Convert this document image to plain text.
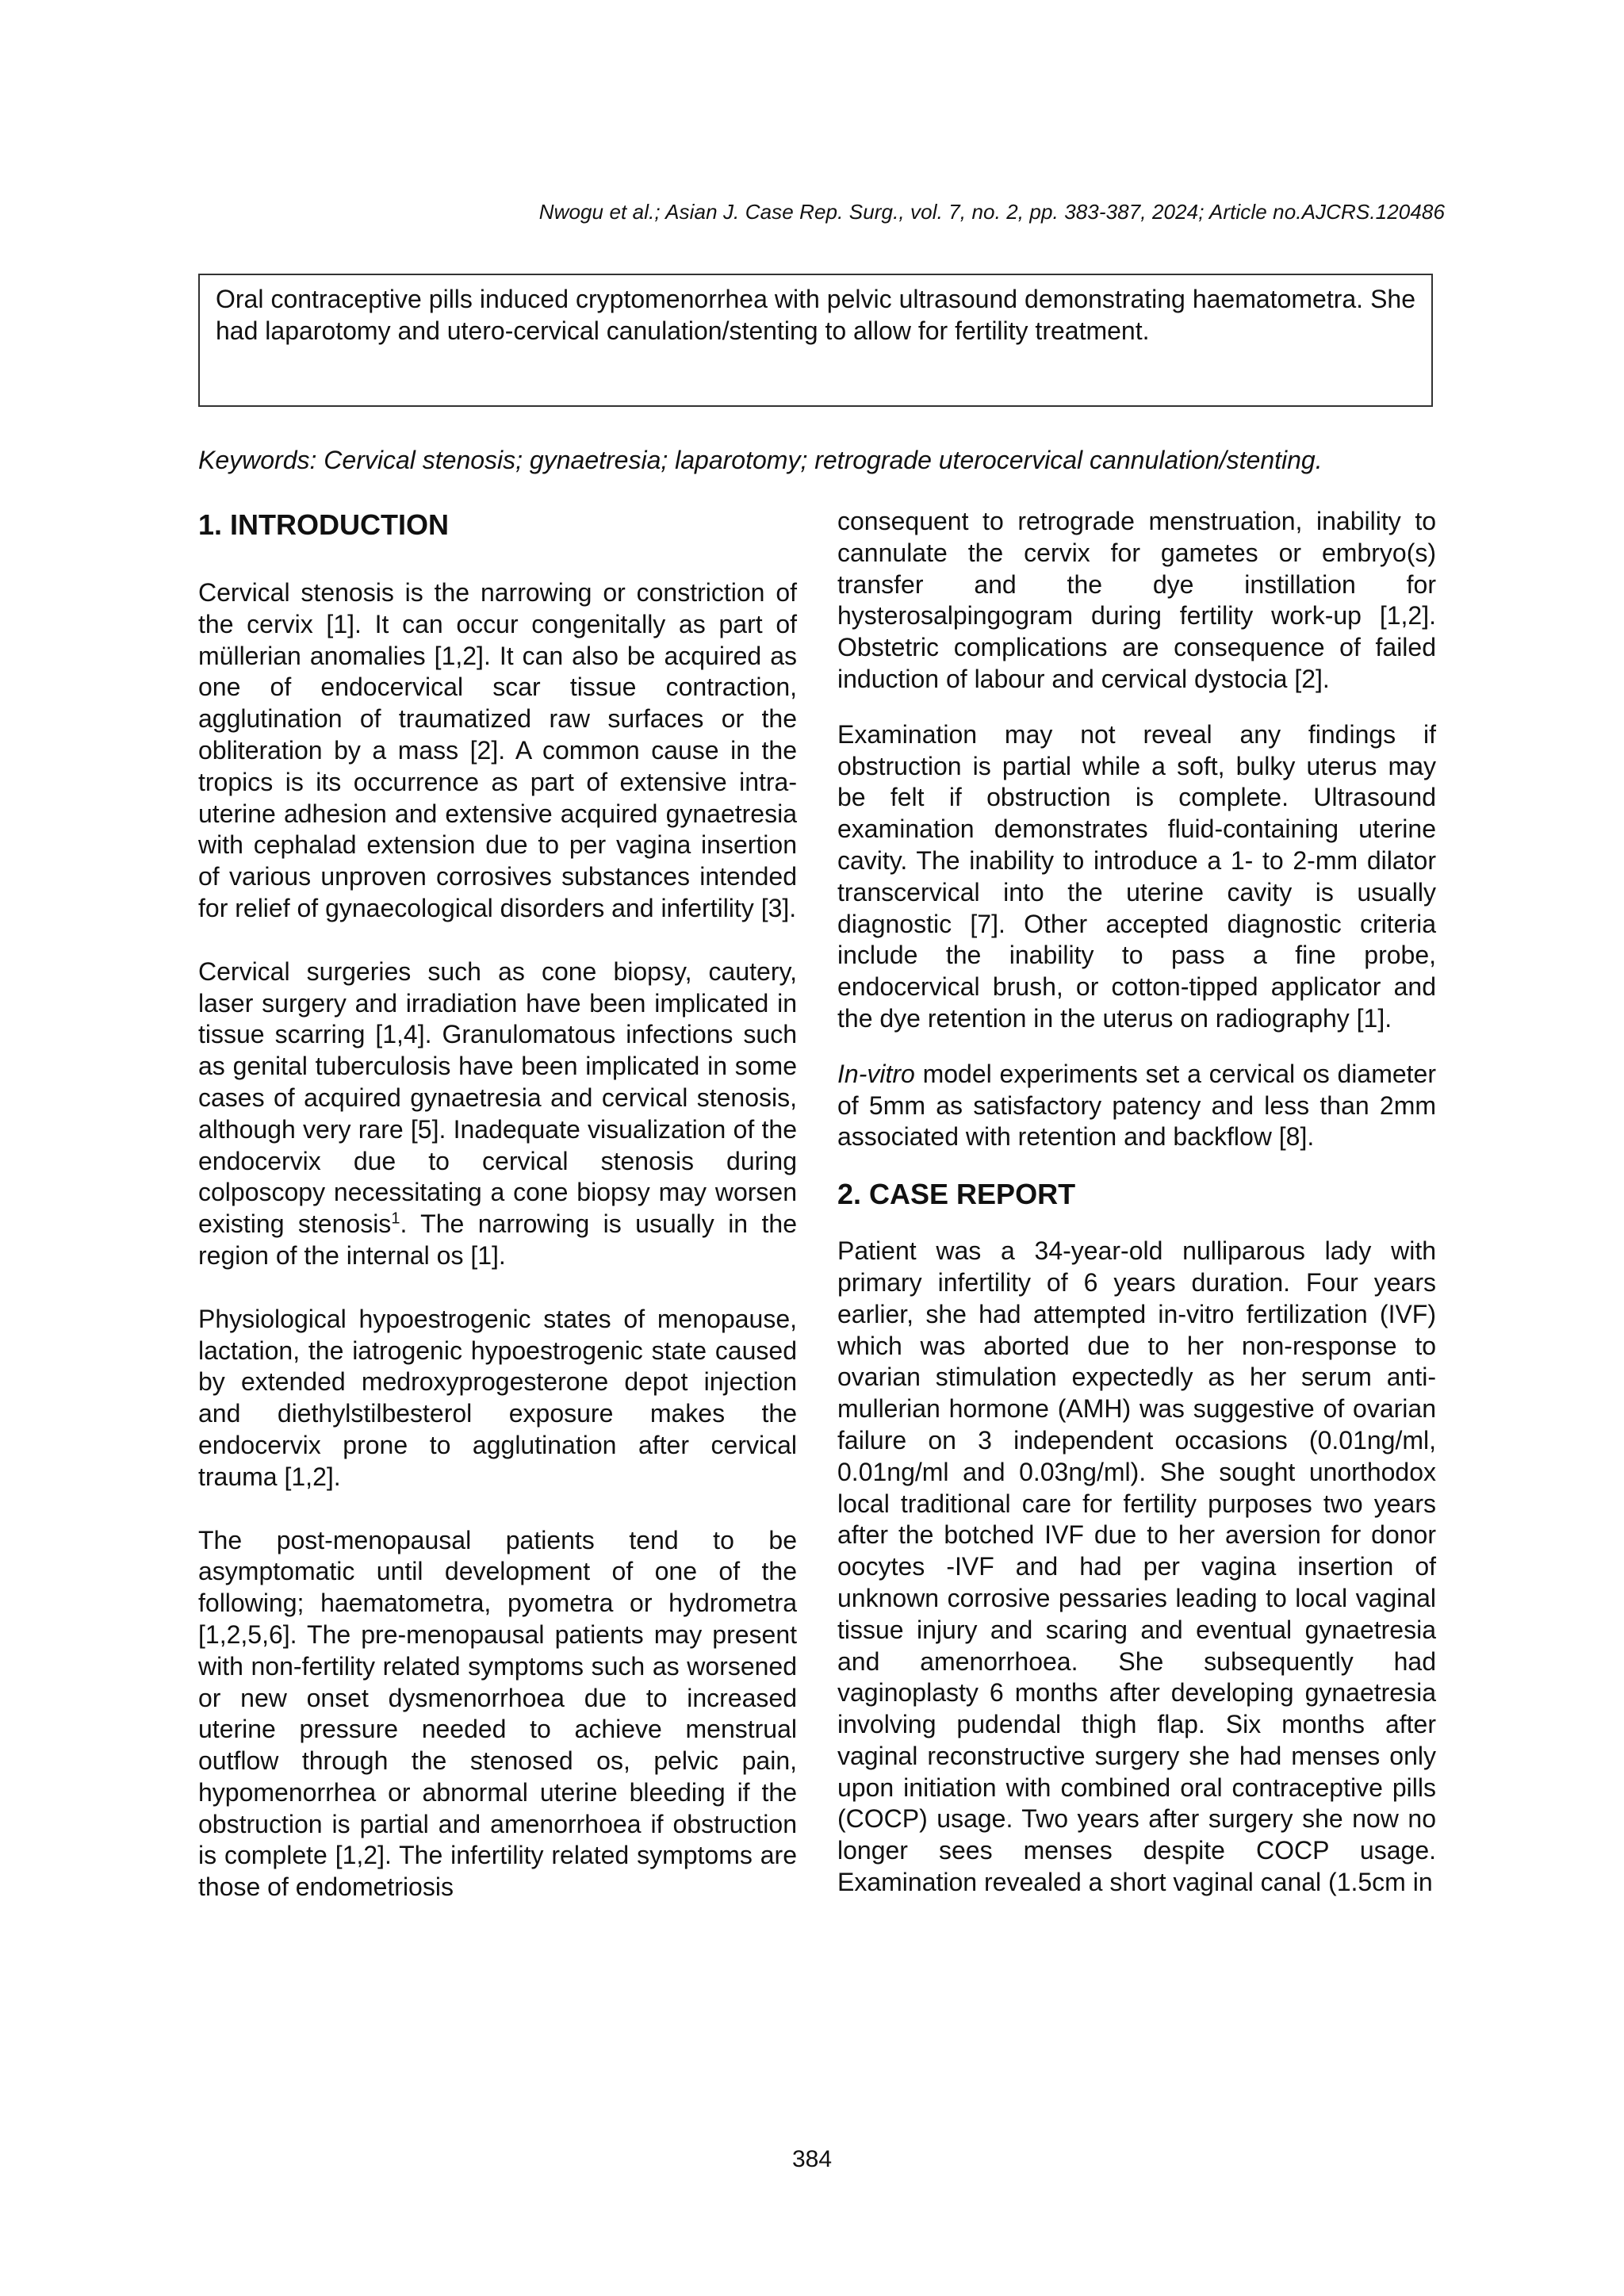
Nwogu et al.; Asian J. Case Rep. Surg., vol. 7, no. 2, pp. 383-387, 2024; Article no.AJCRS.120486

Oral contraceptive pills induced cryptomenorrhea with pelvic ultrasound demonstrating haematometra. She had laparotomy and utero-cervical canulation/stenting to allow for fertility treatment.

Keywords: Cervical stenosis; gynaetresia; laparotomy; retrograde uterocervical cannulation/stenting.
1. INTRODUCTION

Cervical stenosis is the narrowing or constriction of the cervix [1]. It can occur congenitally as part of müllerian anomalies [1,2]. It can also be acquired as one of endocervical scar tissue contraction, agglutination of traumatized raw surfaces or the obliteration by a mass [2]. A common cause in the tropics is its occurrence as part of extensive intra-uterine adhesion and extensive acquired gynaetresia with cephalad extension due to per vagina insertion of various unproven corrosives substances intended for relief of gynaecological disorders and infertility [3].

Cervical surgeries such as cone biopsy, cautery, laser surgery and irradiation have been implicated in tissue scarring [1,4]. Granulomatous infections such as genital tuberculosis have been implicated in some cases of acquired gynaetresia and cervical stenosis, although very rare [5]. Inadequate visualization of the endocervix due to cervical stenosis during colposcopy necessitating a cone biopsy may worsen existing stenosis$^1$. The narrowing is usually in the region of the internal os [1].

Physiological hypoestrogenic states of menopause, lactation, the iatrogenic hypoestrogenic state caused by extended medroxyprogesterone depot injection and diethylstilbesterol exposure makes the endocervix prone to agglutination after cervical trauma [1,2].

The post-menopausal patients tend to be asymptomatic until development of one of the following; haematometra, pyometra or hydrometra [1,2,5,6]. The pre-menopausal patients may present with non-fertility related symptoms such as worsened or new onset dysmenorrhoea due to increased uterine pressure needed to achieve menstrual outflow through the stenosed os, pelvic pain, hypomenorrhea or abnormal uterine bleeding if the obstruction is partial and amenorrhoea if obstruction is complete [1,2]. The infertility related symptoms are those of endometriosis

consequent to retrograde menstruation, inability to cannulate the cervix for gametes or embryo(s) transfer and the dye instillation for hysterosalpingogram during fertility work-up [1,2]. Obstetric complications are consequence of failed induction of labour and cervical dystocia [2].

Examination may not reveal any findings if obstruction is partial while a soft, bulky uterus may be felt if obstruction is complete. Ultrasound examination demonstrates fluid-containing uterine cavity. The inability to introduce a 1- to 2-mm dilator transcervical into the uterine cavity is usually diagnostic [7]. Other accepted diagnostic criteria include the inability to pass a fine probe, endocervical brush, or cotton-tipped applicator and the dye retention in the uterus on radiography [1].

In-vitro model experiments set a cervical os diameter of 5mm as satisfactory patency and less than 2mm associated with retention and backflow [8].

2. CASE REPORT

Patient was a 34-year-old nulliparous lady with primary infertility of 6 years duration. Four years earlier, she had attempted in-vitro fertilization (IVF) which was aborted due to her non-response to ovarian stimulation expectedly as her serum anti-mullerian hormone (AMH) was suggestive of ovarian failure on 3 independent occasions (0.01ng/ml, 0.01ng/ml and 0.03ng/ml). She sought unorthodox local traditional care for fertility purposes two years after the botched IVF due to her aversion for donor oocytes -IVF and had per vagina insertion of unknown corrosive pessaries leading to local vaginal tissue injury and scaring and eventual gynaetresia and amenorrhoea. She subsequently had vaginoplasty 6 months after developing gynaetresia involving pudendal thigh flap. Six months after vaginal reconstructive surgery she had menses only upon initiation with combined oral contraceptive pills (COCP) usage. Two years after surgery she now no longer sees menses despite COCP usage. Examination revealed a short vaginal canal (1.5cm in

384
